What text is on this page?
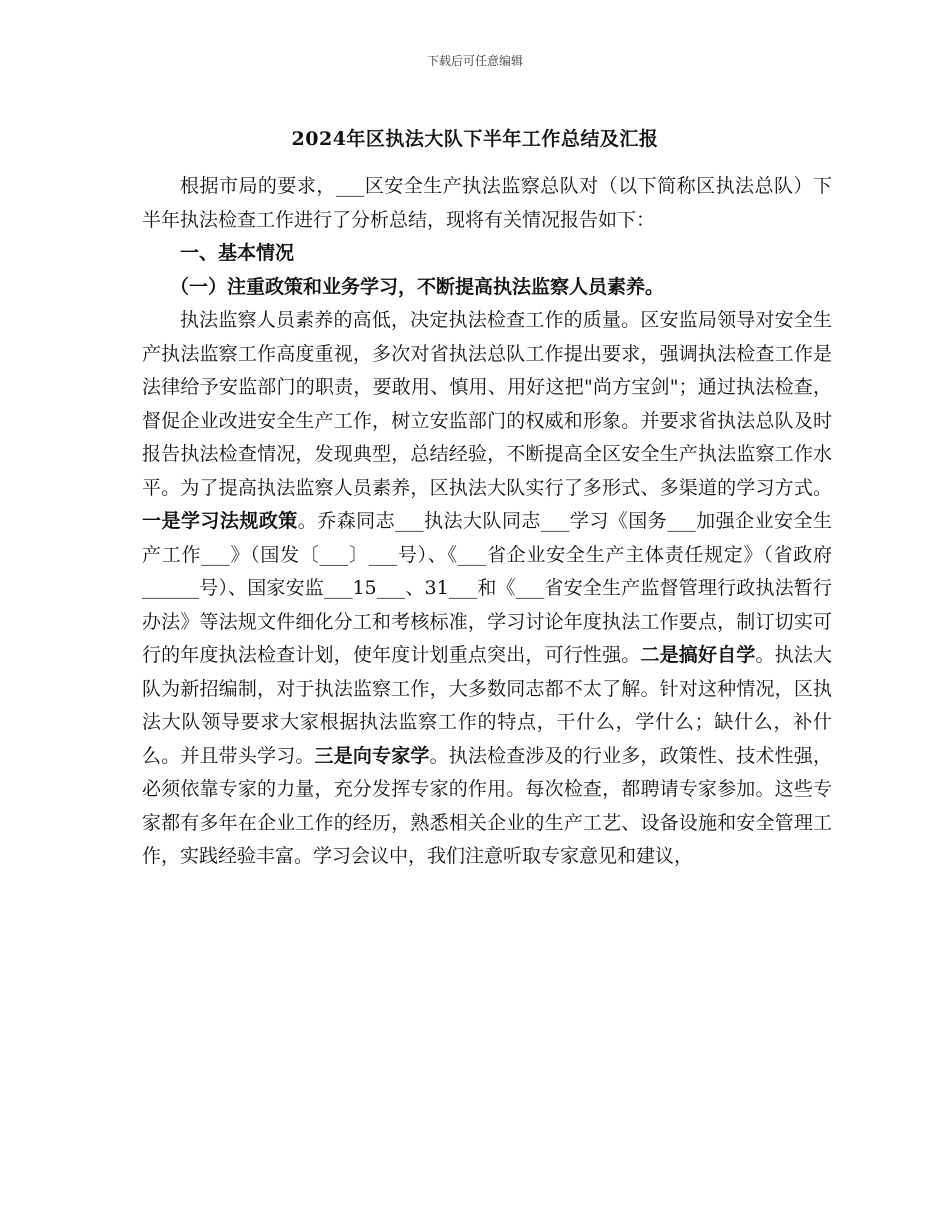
下载后可任意编辑
2024年区执法大队下半年工作总结及汇报

根据市局的要求，___区安全生产执法监察总队对（以下简称区执法总队）下半年执法检查工作进行了分析总结，现将有关情况报告如下：

一、基本情况

（一）注重政策和业务学习，不断提高执法监察人员素养。

执法监察人员素养的高低，决定执法检查工作的质量。区安监局领导对安全生产执法监察工作高度重视，多次对省执法总队工作提出要求，强调执法检查工作是法律给予安监部门的职责，要敢用、慎用、用好这把"尚方宝剑"；通过执法检查，督促企业改进安全生产工作，树立安监部门的权威和形象。并要求省执法总队及时报告执法检查情况，发现典型，总结经验，不断提高全区安全生产执法监察工作水平。为了提高执法监察人员素养，区执法大队实行了多形式、多渠道的学习方式。一是学习法规政策。乔森同志___执法大队同志___学习《国务___加强企业安全生产工作___》（国发〔___〕___号）、《___省企业安全生产主体责任规定》（省政府______号）、国家安监___15___、31___和《___省安全生产监督管理行政执法暂行办法》等法规文件细化分工和考核标准，学习讨论年度执法工作要点，制订切实可行的年度执法检查计划，使年度计划重点突出，可行性强。二是搞好自学。执法大队为新招编制，对于执法监察工作，大多数同志都不太了解。针对这种情况，区执法大队领导要求大家根据执法监察工作的特点，干什么，学什么；缺什么，补什么。并且带头学习。三是向专家学。执法检查涉及的行业多，政策性、技术性强，必须依靠专家的力量，充分发挥专家的作用。每次检查，都聘请专家参加。这些专家都有多年在企业工作的经历，熟悉相关企业的生产工艺、设备设施和安全管理工作，实践经验丰富。学习会议中，我们注意听取专家意见和建议，
